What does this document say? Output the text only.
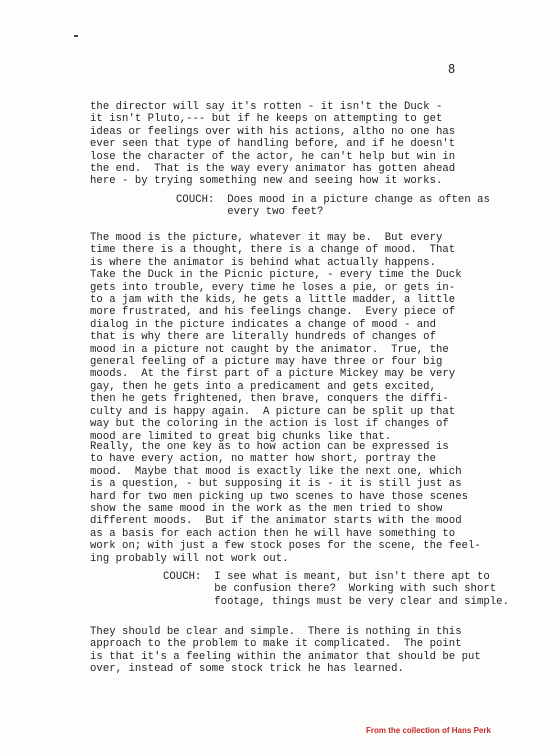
8
the director will say it's rotten - it isn't the Duck -
it isn't Pluto,--- but if he keeps on attempting to get
ideas or feelings over with his actions, altho no one has
ever seen that type of handling before, and if he doesn't
lose the character of the actor, he can't help but win in
the end.  That is the way every animator has gotten ahead
here - by trying something new and seeing how it works.
COUCH:  Does mood in a picture change as often as
every two feet?
The mood is the picture, whatever it may be.  But every
time there is a thought, there is a change of mood.  That
is where the animator is behind what actually happens.
Take the Duck in the Picnic picture, - every time the Duck
gets into trouble, every time he loses a pie, or gets in-
to a jam with the kids, he gets a little madder, a little
more frustrated, and his feelings change.  Every piece of
dialog in the picture indicates a change of mood - and
that is why there are literally hundreds of changes of
mood in a picture not caught by the animator.  True, the
general feeling of a picture may have three or four big
moods.  At the first part of a picture Mickey may be very
gay, then he gets into a predicament and gets excited,
then he gets frightened, then brave, conquers the diffi-
culty and is happy again.  A picture can be split up that
way but the coloring in the action is lost if changes of
mood are limited to great big chunks like that.
Really, the one key as to how action can be expressed is
to have every action, no matter how short, portray the
mood.  Maybe that mood is exactly like the next one, which
is a question, - but supposing it is - it is still just as
hard for two men picking up two scenes to have those scenes
show the same mood in the work as the men tried to show
different moods.  But if the animator starts with the mood
as a basis for each action then he will have something to
work on; with just a few stock poses for the scene, the feel-
ing probably will not work out.
COUCH:  I see what is meant, but isn't there apt to
be confusion there?  Working with such short
footage, things must be very clear and simple.
They should be clear and simple.  There is nothing in this
approach to the problem to make it complicated.  The point
is that it's a feeling within the animator that should be put
over, instead of some stock trick he has learned.
From the collection of Hans Perk
